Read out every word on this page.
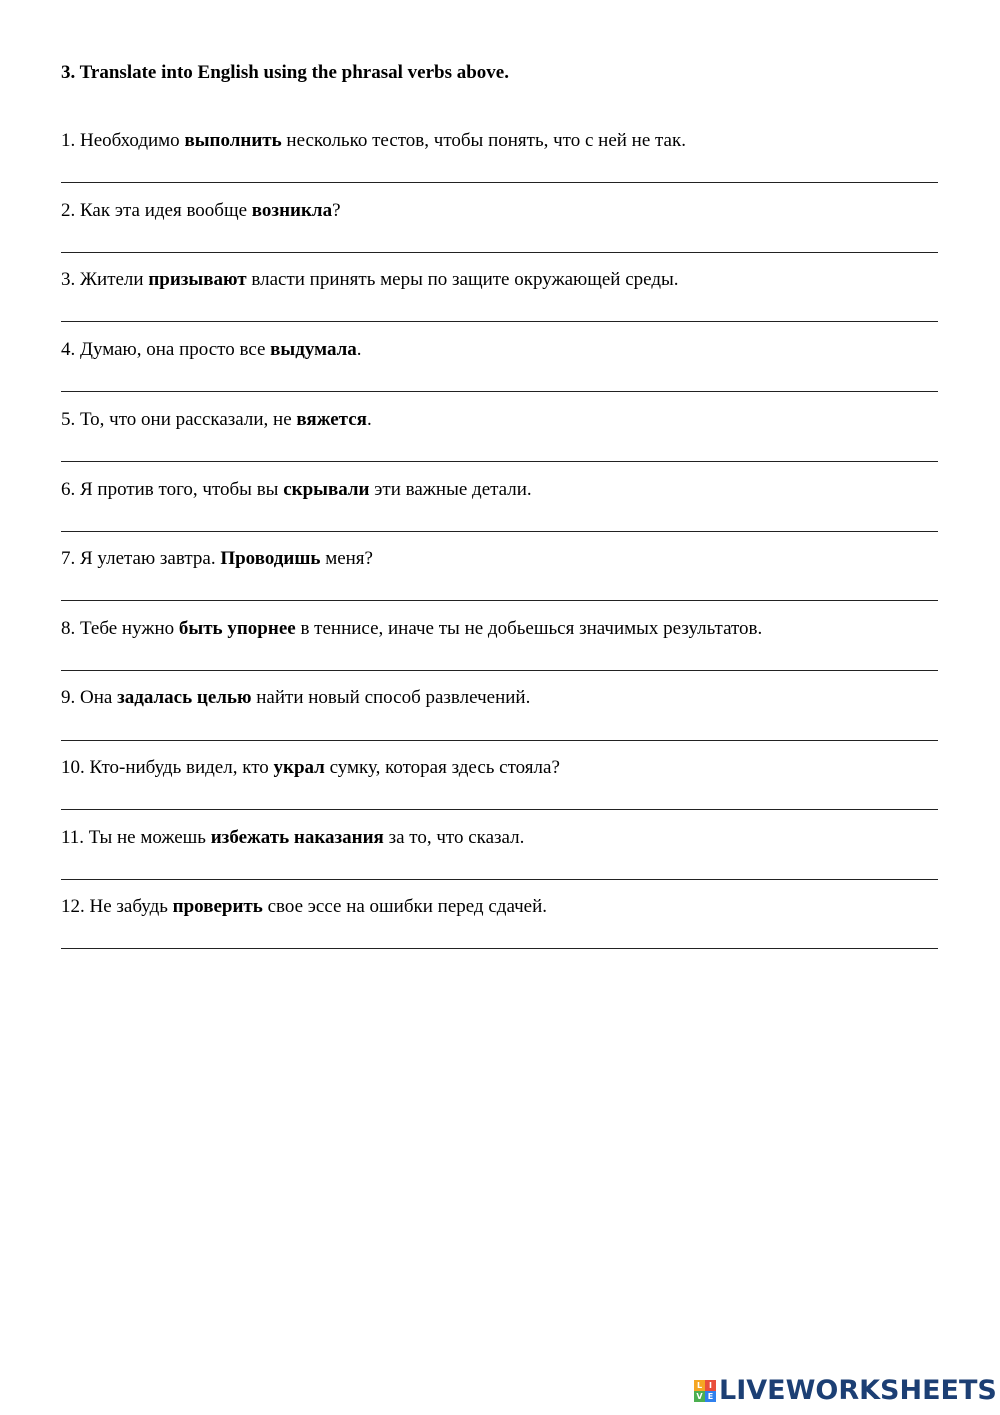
3. Translate into English using the phrasal verbs above.
1. Необходимо выполнить несколько тестов, чтобы понять, что с ней не так.
2. Как эта идея вообще возникла?
3. Жители призывают власти принять меры по защите окружающей среды.
4. Думаю, она просто все выдумала.
5. То, что они рассказали, не вяжется.
6. Я против того, чтобы вы скрывали эти важные детали.
7. Я улетаю завтра. Проводишь меня?
8. Тебе нужно быть упорнее в теннисе, иначе ты не добьешься значимых результатов.
9. Она задалась целью найти новый способ развлечений.
10. Кто-нибудь видел, кто украл сумку, которая здесь стояла?
11. Ты не можешь избежать наказания за то, что сказал.
12. Не забудь проверить свое эссе на ошибки перед сдачей.
L I
V E LIVEWORKSHEETS
